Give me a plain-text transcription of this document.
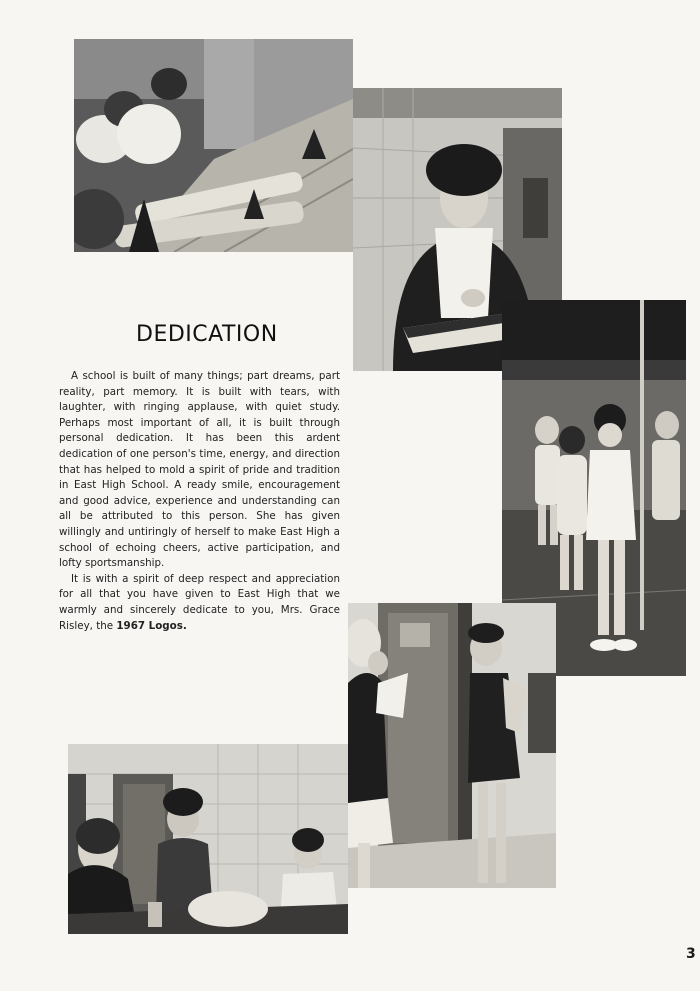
DEDICATION

A school is built of many things; part dreams, part reality, part memory. It is built with tears, with laughter, with ringing applause, with quiet study. Perhaps most important of all, it is built through personal dedication. It has been this ardent dedication of one person's time, energy, and direction that has helped to mold a spirit of pride and tradition in East High School. A ready smile, encouragement and good advice, experience and understanding can all be attributed to this person. She has given willingly and untiringly of herself to make East High a school of echoing cheers, active participation, and lofty sportsmanship.

It is with a spirit of deep respect and appreciation for all that you have given to East High that we warmly and sincerely dedicate to you, Mrs. Grace Risley, the 1967 Logos.

3
